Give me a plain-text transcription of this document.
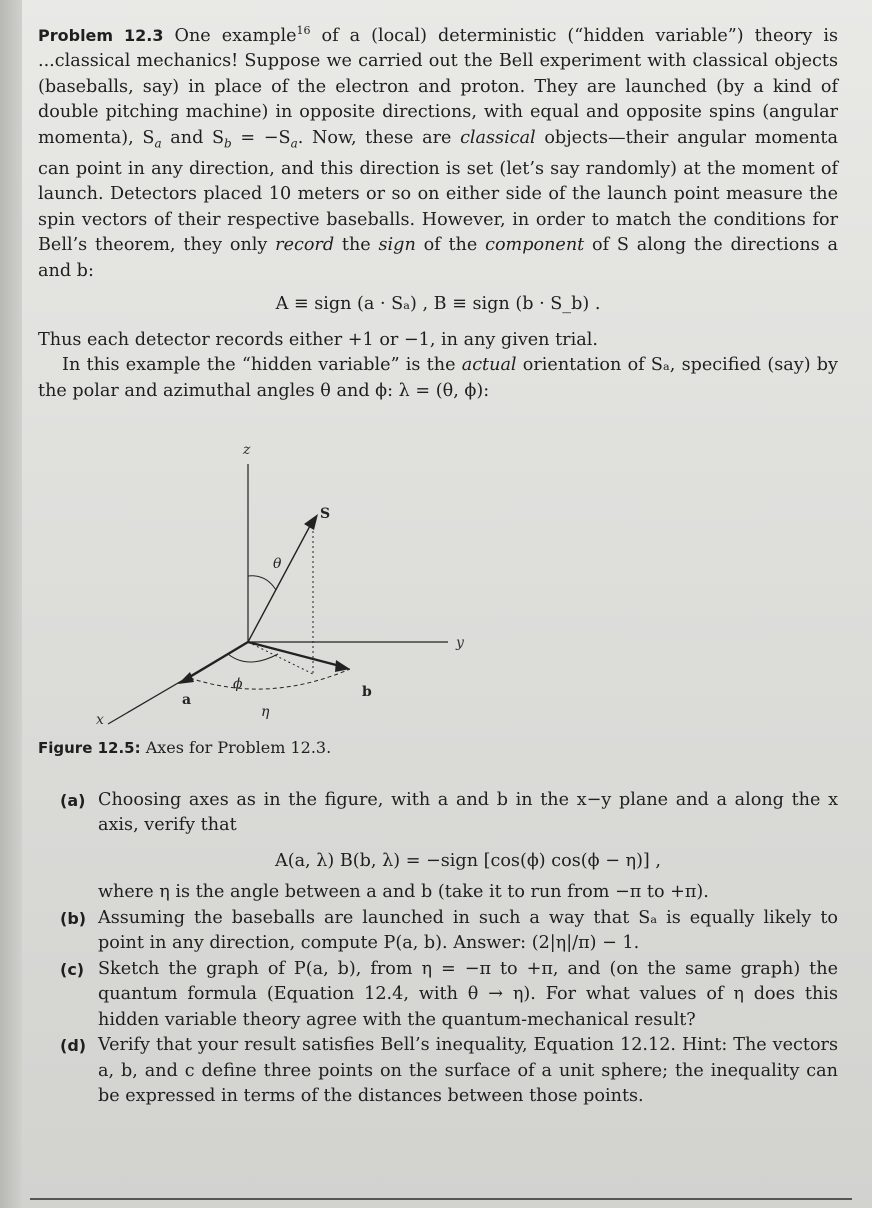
Problem 12.3 One example$^{16}$ of a (local) deterministic (“hidden variable”) theory is ...classical mechanics! Suppose we carried out the Bell experiment with classical objects (baseballs, say) in place of the electron and proton. They are launched (by a kind of double pitching machine) in opposite directions, with equal and opposite spins (angular momenta), $S_a$ and $S_b = -S_a$. Now, these are classical objects—their angular momenta can point in any direction, and this direction is set (let’s say randomly) at the moment of launch. Detectors placed 10 meters or so on either side of the launch point measure the spin vectors of their respective baseballs. However, in order to match the conditions for Bell’s theorem, they only record the sign of the component of S along the directions a and b:

A ≡ sign (a · Sₐ) , B ≡ sign (b · S_b) .

Thus each detector records either +1 or −1, in any given trial.

In this example the “hidden variable” is the actual orientation of Sₐ, specified (say) by the polar and azimuthal angles θ and ϕ: λ = (θ, ϕ):

z
y
x
S
a	b
θ
ϕ
η
Figure 12.5: Axes for Problem 12.3.
(a) Choosing axes as in the figure, with a and b in the x−y plane and a along the x axis, verify that
A(a, λ) B(b, λ) = −sign [cos(ϕ) cos(ϕ − η)] ,
where η is the angle between a and b (take it to run from −π to +π).
(b) Assuming the baseballs are launched in such a way that Sₐ is equally likely to point in any direction, compute P(a, b). Answer: (2|η|/π) − 1.
(c) Sketch the graph of P(a, b), from η = −π to +π, and (on the same graph) the quantum formula (Equation 12.4, with θ → η). For what values of η does this hidden variable theory agree with the quantum-mechanical result?
(d) Verify that your result satisfies Bell’s inequality, Equation 12.12. Hint: The vectors a, b, and c define three points on the surface of a unit sphere; the inequality can be expressed in terms of the distances between those points.
